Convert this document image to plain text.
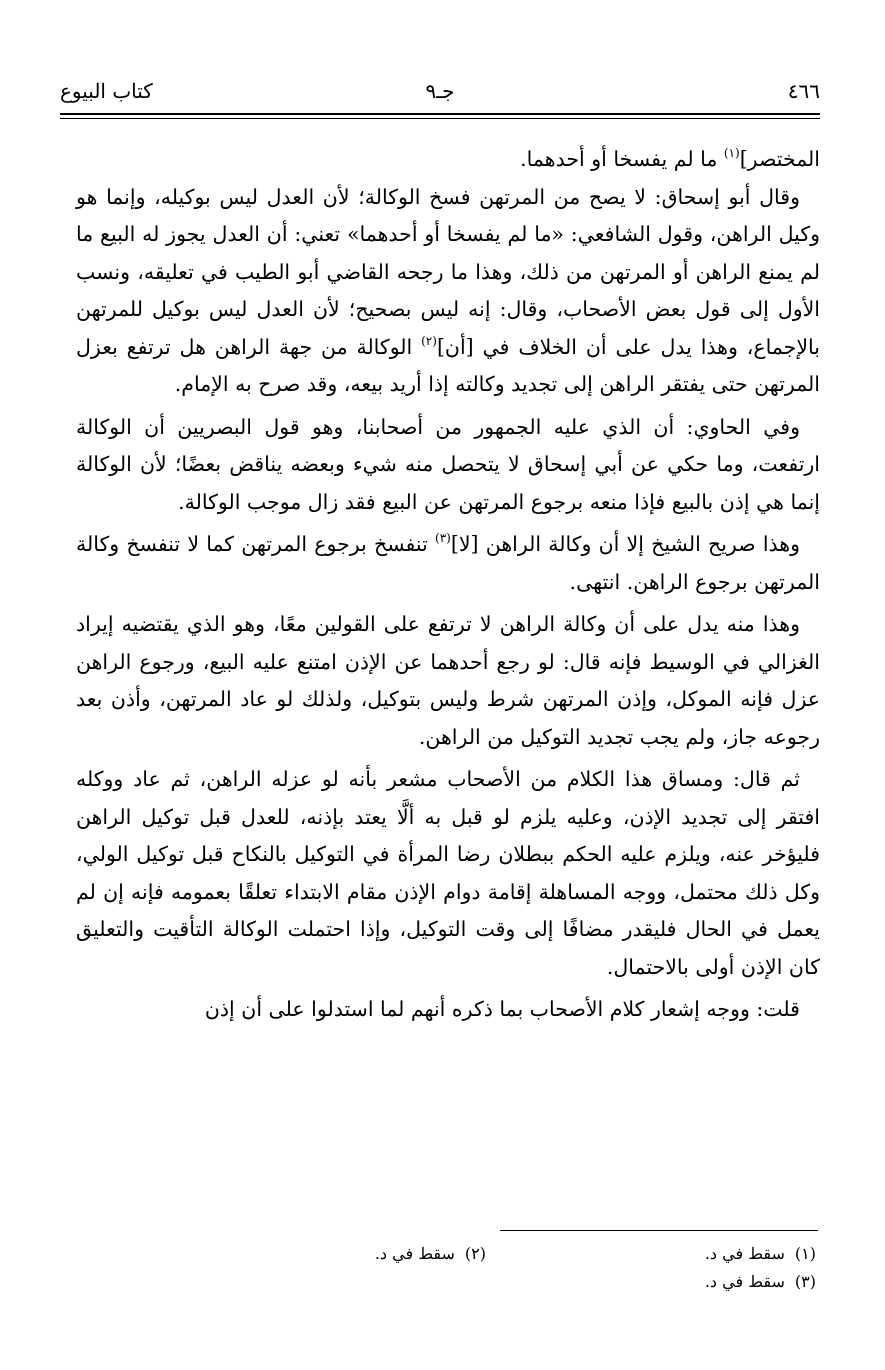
٤٦٦
جـ٩
كتاب البيوع

المختصر]$^{(١)}$ ما لم يفسخا أو أحدهما.

وقال أبو إسحاق: لا يصح من المرتهن فسخ الوكالة؛ لأن العدل ليس بوكيله، وإنما هو وكيل الراهن، وقول الشافعي: «ما لم يفسخا أو أحدهما» تعني: أن العدل يجوز له البيع ما لم يمنع الراهن أو المرتهن من ذلك، وهذا ما رجحه القاضي أبو الطيب في تعليقه، ونسب الأول إلى قول بعض الأصحاب، وقال: إنه ليس بصحيح؛ لأن العدل ليس بوكيل للمرتهن بالإجماع، وهذا يدل على أن الخلاف في [أن]$^{(٢)}$ الوكالة من جهة الراهن هل ترتفع بعزل المرتهن حتى يفتقر الراهن إلى تجديد وكالته إذا أريد بيعه، وقد صرح به الإمام.

وفي الحاوي: أن الذي عليه الجمهور من أصحابنا، وهو قول البصريين أن الوكالة ارتفعت، وما حكي عن أبي إسحاق لا يتحصل منه شيء وبعضه يناقض بعضًا؛ لأن الوكالة إنما هي إذن بالبيع فإذا منعه برجوع المرتهن عن البيع فقد زال موجب الوكالة.

وهذا صريح الشيخ إلا أن وكالة الراهن [لا]$^{(٣)}$ تنفسخ برجوع المرتهن كما لا تنفسخ وكالة المرتهن برجوع الراهن. انتهى.

وهذا منه يدل على أن وكالة الراهن لا ترتفع على القولين معًا، وهو الذي يقتضيه إيراد الغزالي في الوسيط فإنه قال: لو رجع أحدهما عن الإذن امتنع عليه البيع، ورجوع الراهن عزل فإنه الموكل، وإذن المرتهن شرط وليس بتوكيل، ولذلك لو عاد المرتهن، وأذن بعد رجوعه جاز، ولم يجب تجديد التوكيل من الراهن.

ثم قال: ومساق هذا الكلام من الأصحاب مشعر بأنه لو عزله الراهن، ثم عاد ووكله افتقر إلى تجديد الإذن، وعليه يلزم لو قبل به ألَّا يعتد بإذنه، للعدل قبل توكيل الراهن فليؤخر عنه، ويلزم عليه الحكم ببطلان رضا المرأة في التوكيل بالنكاح قبل توكيل الولي، وكل ذلك محتمل، ووجه المساهلة إقامة دوام الإذن مقام الابتداء تعلقًا بعمومه فإنه إن لم يعمل في الحال فليقدر مضافًا إلى وقت التوكيل، وإذا احتملت الوكالة التأقيت والتعليق كان الإذن أولى بالاحتمال.

قلت: ووجه إشعار كلام الأصحاب بما ذكره أنهم لما استدلوا على أن إذن

(١)سقط في د.
(٢)سقط في د.
(٣)سقط في د.
